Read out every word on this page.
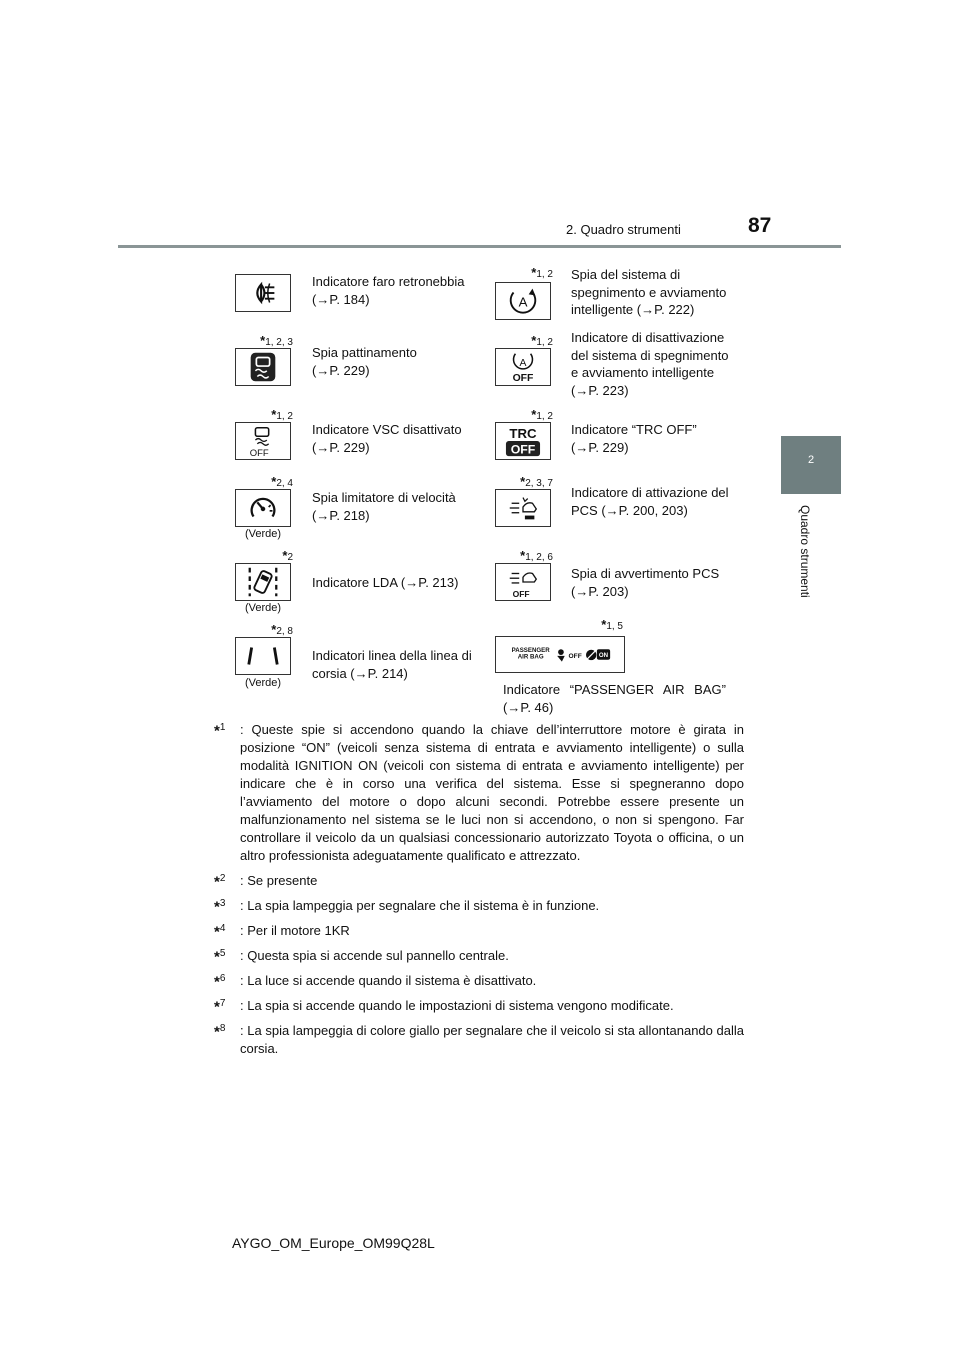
2. Quadro strumenti	87
2
Quadro strumenti
Indicatore faro retronebbia
(→P. 184)
*1, 2
A
Spia del sistema di
spegnimento e avviamento
intelligente (→P. 222)
*1, 2, 3
Spia pattinamento
(→P. 229)
*1, 2
A
OFF
Indicatore di disattivazione
del sistema di spegnimento
e avviamento intelligente
(→P. 223)
*1, 2
OFF
Indicatore VSC disattivato
(→P. 229)
*1, 2
TRC
OFF
Indicatore “TRC OFF”
(→P. 229)
*2, 4
(Verde)
Spia limitatore di velocità
(→P. 218)
*2, 3, 7
Indicatore di attivazione del
PCS (→P. 200, 203)
*2
(Verde)
Indicatore LDA (→P. 213)
*1, 2, 6
OFF
Spia di avvertimento PCS
(→P. 203)
*2, 8
(Verde)
Indicatori linea della linea di
corsia (→P. 214)
*1, 5
PASSENGER
AIR BAG	OFF	ON
Indicatore “PASSENGER AIR BAG”
(→P. 46)
*$^1$ : Queste spie si accendono quando la chiave dell’interruttore motore è girata in posizione “ON” (veicoli senza sistema di entrata e avviamento intelligente) o sulla modalità IGNITION ON (veicoli con sistema di entrata e avviamento intelligente) per indicare che è in corso una verifica del sistema. Esse si spegneranno dopo l’avviamento del motore o dopo alcuni secondi. Potrebbe essere presente un malfunzionamento nel sistema se le luci non si accendono, o non si spengono. Far controllare il veicolo da un qualsiasi concessionario autorizzato Toyota o officina, o un altro professionista adeguatamente qualificato e attrezzato.
*$^2$ : Se presente
*$^3$ : La spia lampeggia per segnalare che il sistema è in funzione.
*$^4$ : Per il motore 1KR
*$^5$ : Questa spia si accende sul pannello centrale.
*$^6$ : La luce si accende quando il sistema è disattivato.
*$^7$ : La spia si accende quando le impostazioni di sistema vengono modificate.
*$^8$ : La spia lampeggia di colore giallo per segnalare che il veicolo si sta allontanando dalla corsia.
AYGO_OM_Europe_OM99Q28L
